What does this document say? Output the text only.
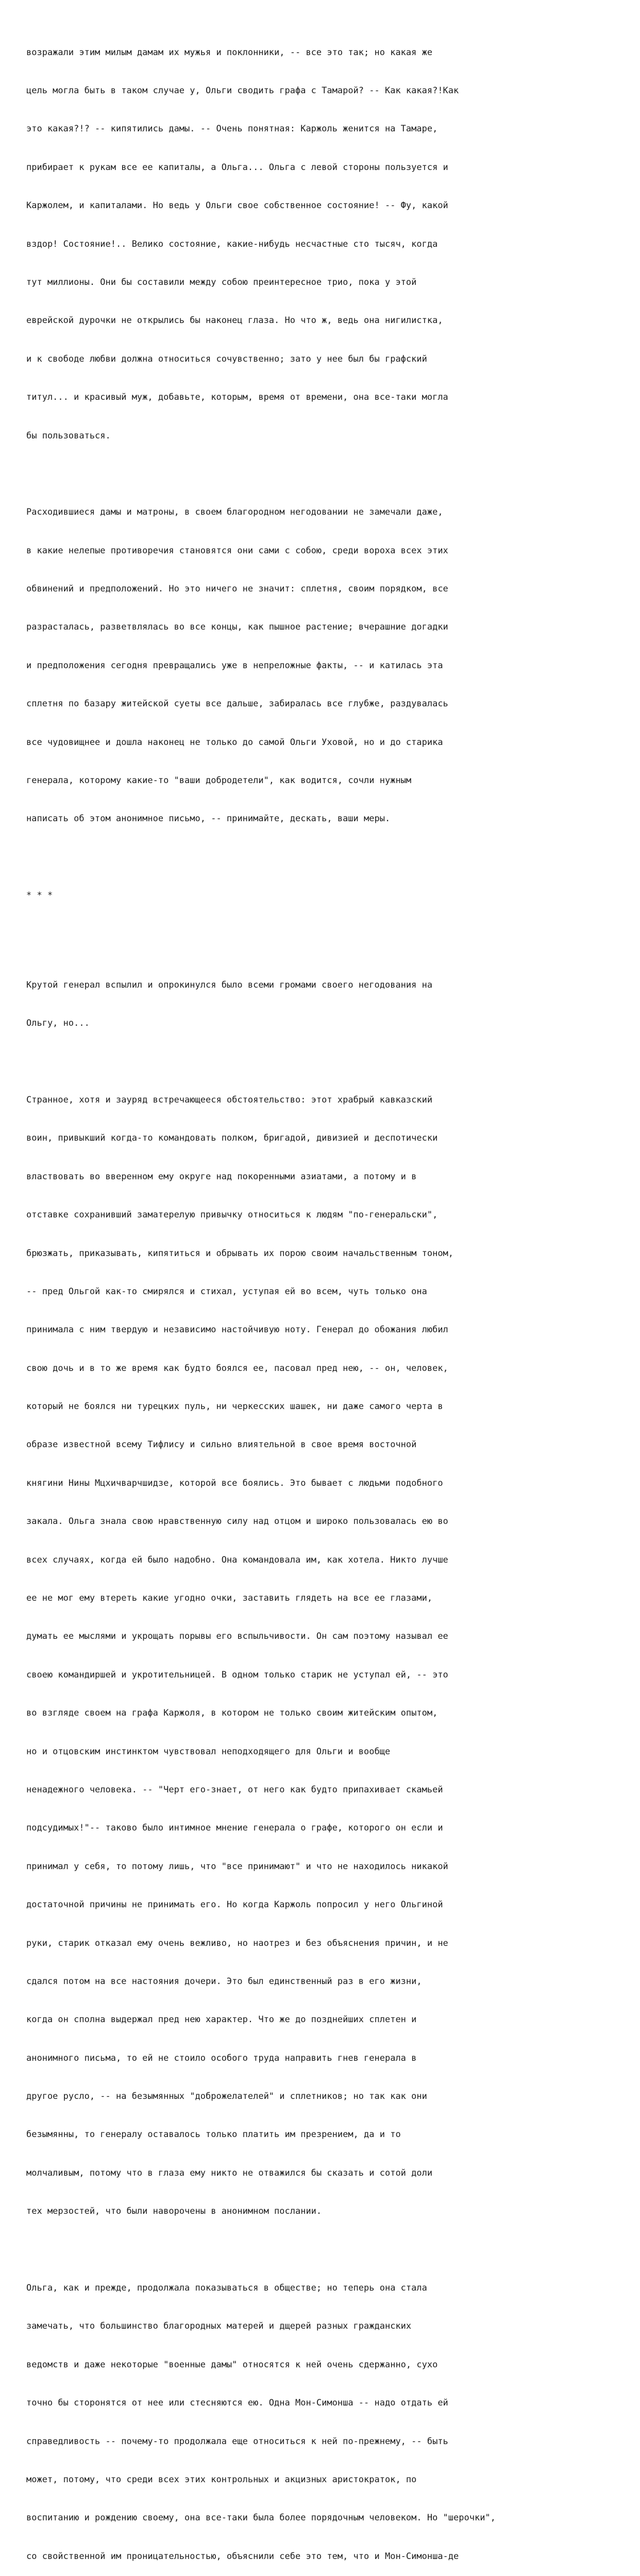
возражали этим милым дамам их мужья и поклонники, -- все это так; но какая же

цель могла быть в таком случае у, Ольги сводить графа с Тамарой? -- Как какая?!Как

это какая?!? -- кипятились дамы. -- Очень понятная: Каржоль женится на Тамаре,

прибирает к рукам все ее капиталы, а Ольга... Ольга с левой стороны пользуется и

Каржолем, и капиталами. Но ведь у Ольги свое собственное состояние! -- Фу, какой

вздор! Состояние!.. Велико состояние, какие-нибудь несчастные сто тысяч, когда

тут миллионы. Они бы составили между собою преинтересное трио, пока у этой

еврейской дурочки не открылись бы наконец глаза. Но что ж, ведь она нигилистка,

и к свободе любви должна относиться сочувственно; зато у нее был бы графский

титул... и красивый муж, добавьте, которым, время от времени, она все-таки могла

бы пользоваться.

Расходившиеся дамы и матроны, в своем благородном негодовании не замечали даже,

в какие нелепые противоречия становятся они сами с собою, среди вороха всех этих

обвинений и предположений. Но это ничего не значит: сплетня, своим порядком, все

разрасталась, разветвлялась во все концы, как пышное растение; вчерашние догадки

и предположения сегодня превращались уже в непреложные факты, -- и катилась эта

сплетня по базару житейской суеты все дальше, забиралась все глубже, раздувалась

все чудовищнее и дошла наконец не только до самой Ольги Уховой, но и до старика

генерала, которому какие-то "ваши добродетели", как водится, сочли нужным

написать об этом анонимное письмо, -- принимайте, дескать, ваши меры.

* * *

Крутой генерал вспылил и опрокинулся было всеми громами своего негодования на

Ольгу, но...

Странное, хотя и зауряд встречающееся обстоятельство: этот храбрый кавказский

воин, привыкший когда-то командовать полком, бригадой, дивизией и деспотически

властвовать во вверенном ему округе над покоренными азиатами, а потому и в

отставке сохранивший заматерелую привычку относиться к людям "по-генеральски",

брюзжать, приказывать, кипятиться и обрывать их порою своим начальственным тоном,

-- пред Ольгой как-то смирялся и стихал, уступая ей во всем, чуть только она

принимала с ним твердую и независимо настойчивую ноту. Генерал до обожания любил

свою дочь и в то же время как будто боялся ее, пасовал пред нею, -- он, человек,

который не боялся ни турецких пуль, ни черкесских шашек, ни даже самого черта в

образе известной всему Тифлису и сильно влиятельной в свое время восточной

княгини Нины Мцхичварчшидзе, которой все боялись. Это бывает с людьми подобного

закала. Ольга знала свою нравственную силу над отцом и широко пользовалась ею во

всех случаях, когда ей было надобно. Она командовала им, как хотела. Никто лучше

ее не мог ему втереть какие угодно очки, заставить глядеть на все ее глазами,

думать ее мыслями и укрощать порывы его вспыльчивости. Он сам поэтому называл ее

своею командиршей и укротительницей. В одном только старик не уступал ей, -- это

во взгляде своем на графа Каржоля, в котором не только своим житейским опытом,

но и отцовским инстинктом чувствовал неподходящего для Ольги и вообще

ненадежного человека. -- "Черт его-знает, от него как будто припахивает скамьей

подсудимых!"-- таково было интимное мнение генерала о графе, которого он если и

принимал у себя, то потому лишь, что "все принимают" и что не находилось никакой

достаточной причины не принимать его. Но когда Каржоль попросил у него Ольгиной

руки, старик отказал ему очень вежливо, но наотрез и без объяснения причин, и не

сдался потом на все настояния дочери. Это был единственный раз в его жизни,

когда он сполна выдержал пред нею характер. Что же до позднейших сплетен и

анонимного письма, то ей не стоило особого труда направить гнев генерала в

другое русло, -- на безымянных "доброжелателей" и сплетников; но так как они

безымянны, то генералу оставалось только платить им презрением, да и то

молчаливым, потому что в глаза ему никто не отважился бы сказать и сотой доли

тех мерзостей, что были наворочены в анонимном послании.

Ольга, как и прежде, продолжала показываться в обществе; но теперь она стала

замечать, что большинство благородных матерей и дщерей разных гражданских

ведомств и даже некоторые "военные дамы" относятся к ней очень сдержанно, сухо

точно бы сторонятся от нее или стесняются ею. Одна Мон-Симонша -- надо отдать ей

справедливость -- почему-то продолжала еще относиться к ней по-прежнему, -- быть

может, потому, что среди всех этих контрольных и акцизных аристократок, по

воспитанию и рождению своему, она все-таки была более порядочным человеком. Но "шерочки",

со свойственной им проницательностью, объяснили себе это тем, что и Мон-Симонша-де
